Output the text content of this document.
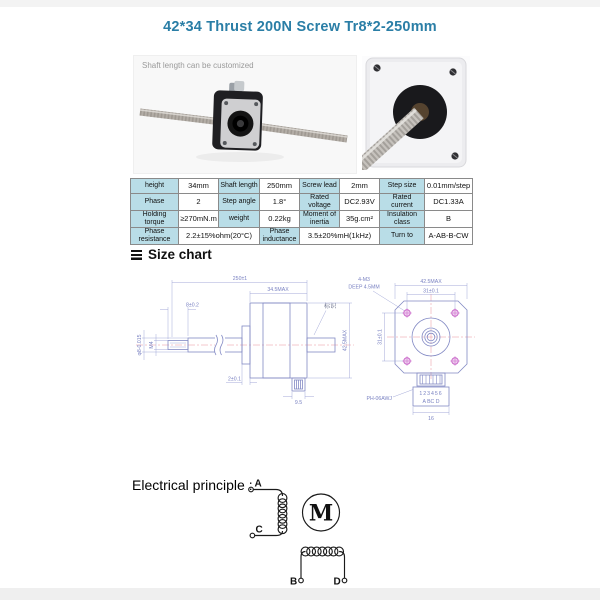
42*34 Thrust 200N Screw Tr8*2-250mm
Shaft length can be customized
height	34mm	Shaft length	250mm	Screw lead	2mm	Step size	0.01mm/step
Phase	2	Step angle	1.8°	Rated voltage	DC2.93V	Rated current	DC1.33A
Holding torque	≥270mN.m	weight	0.22kg	Moment of inertia	35g.cm²	Insulation class	B
Phase resistance	2.2±15%ohm(20°C)		Phase inductance	3.5±20%mH(1kHz)		Turn to	A-AB-B-CW
Size chart
250±1
34.5MAX
8±0.2
φ8-0.015 M4
标识
42.5MAX
2±0.1
9.5
42.5MAX
31±0.1
31±0.1
4-M3
DEEP 4.5MM
123456
A BC D
16
PH-06AWJ
Electrical principle : A
C
M
B	D
